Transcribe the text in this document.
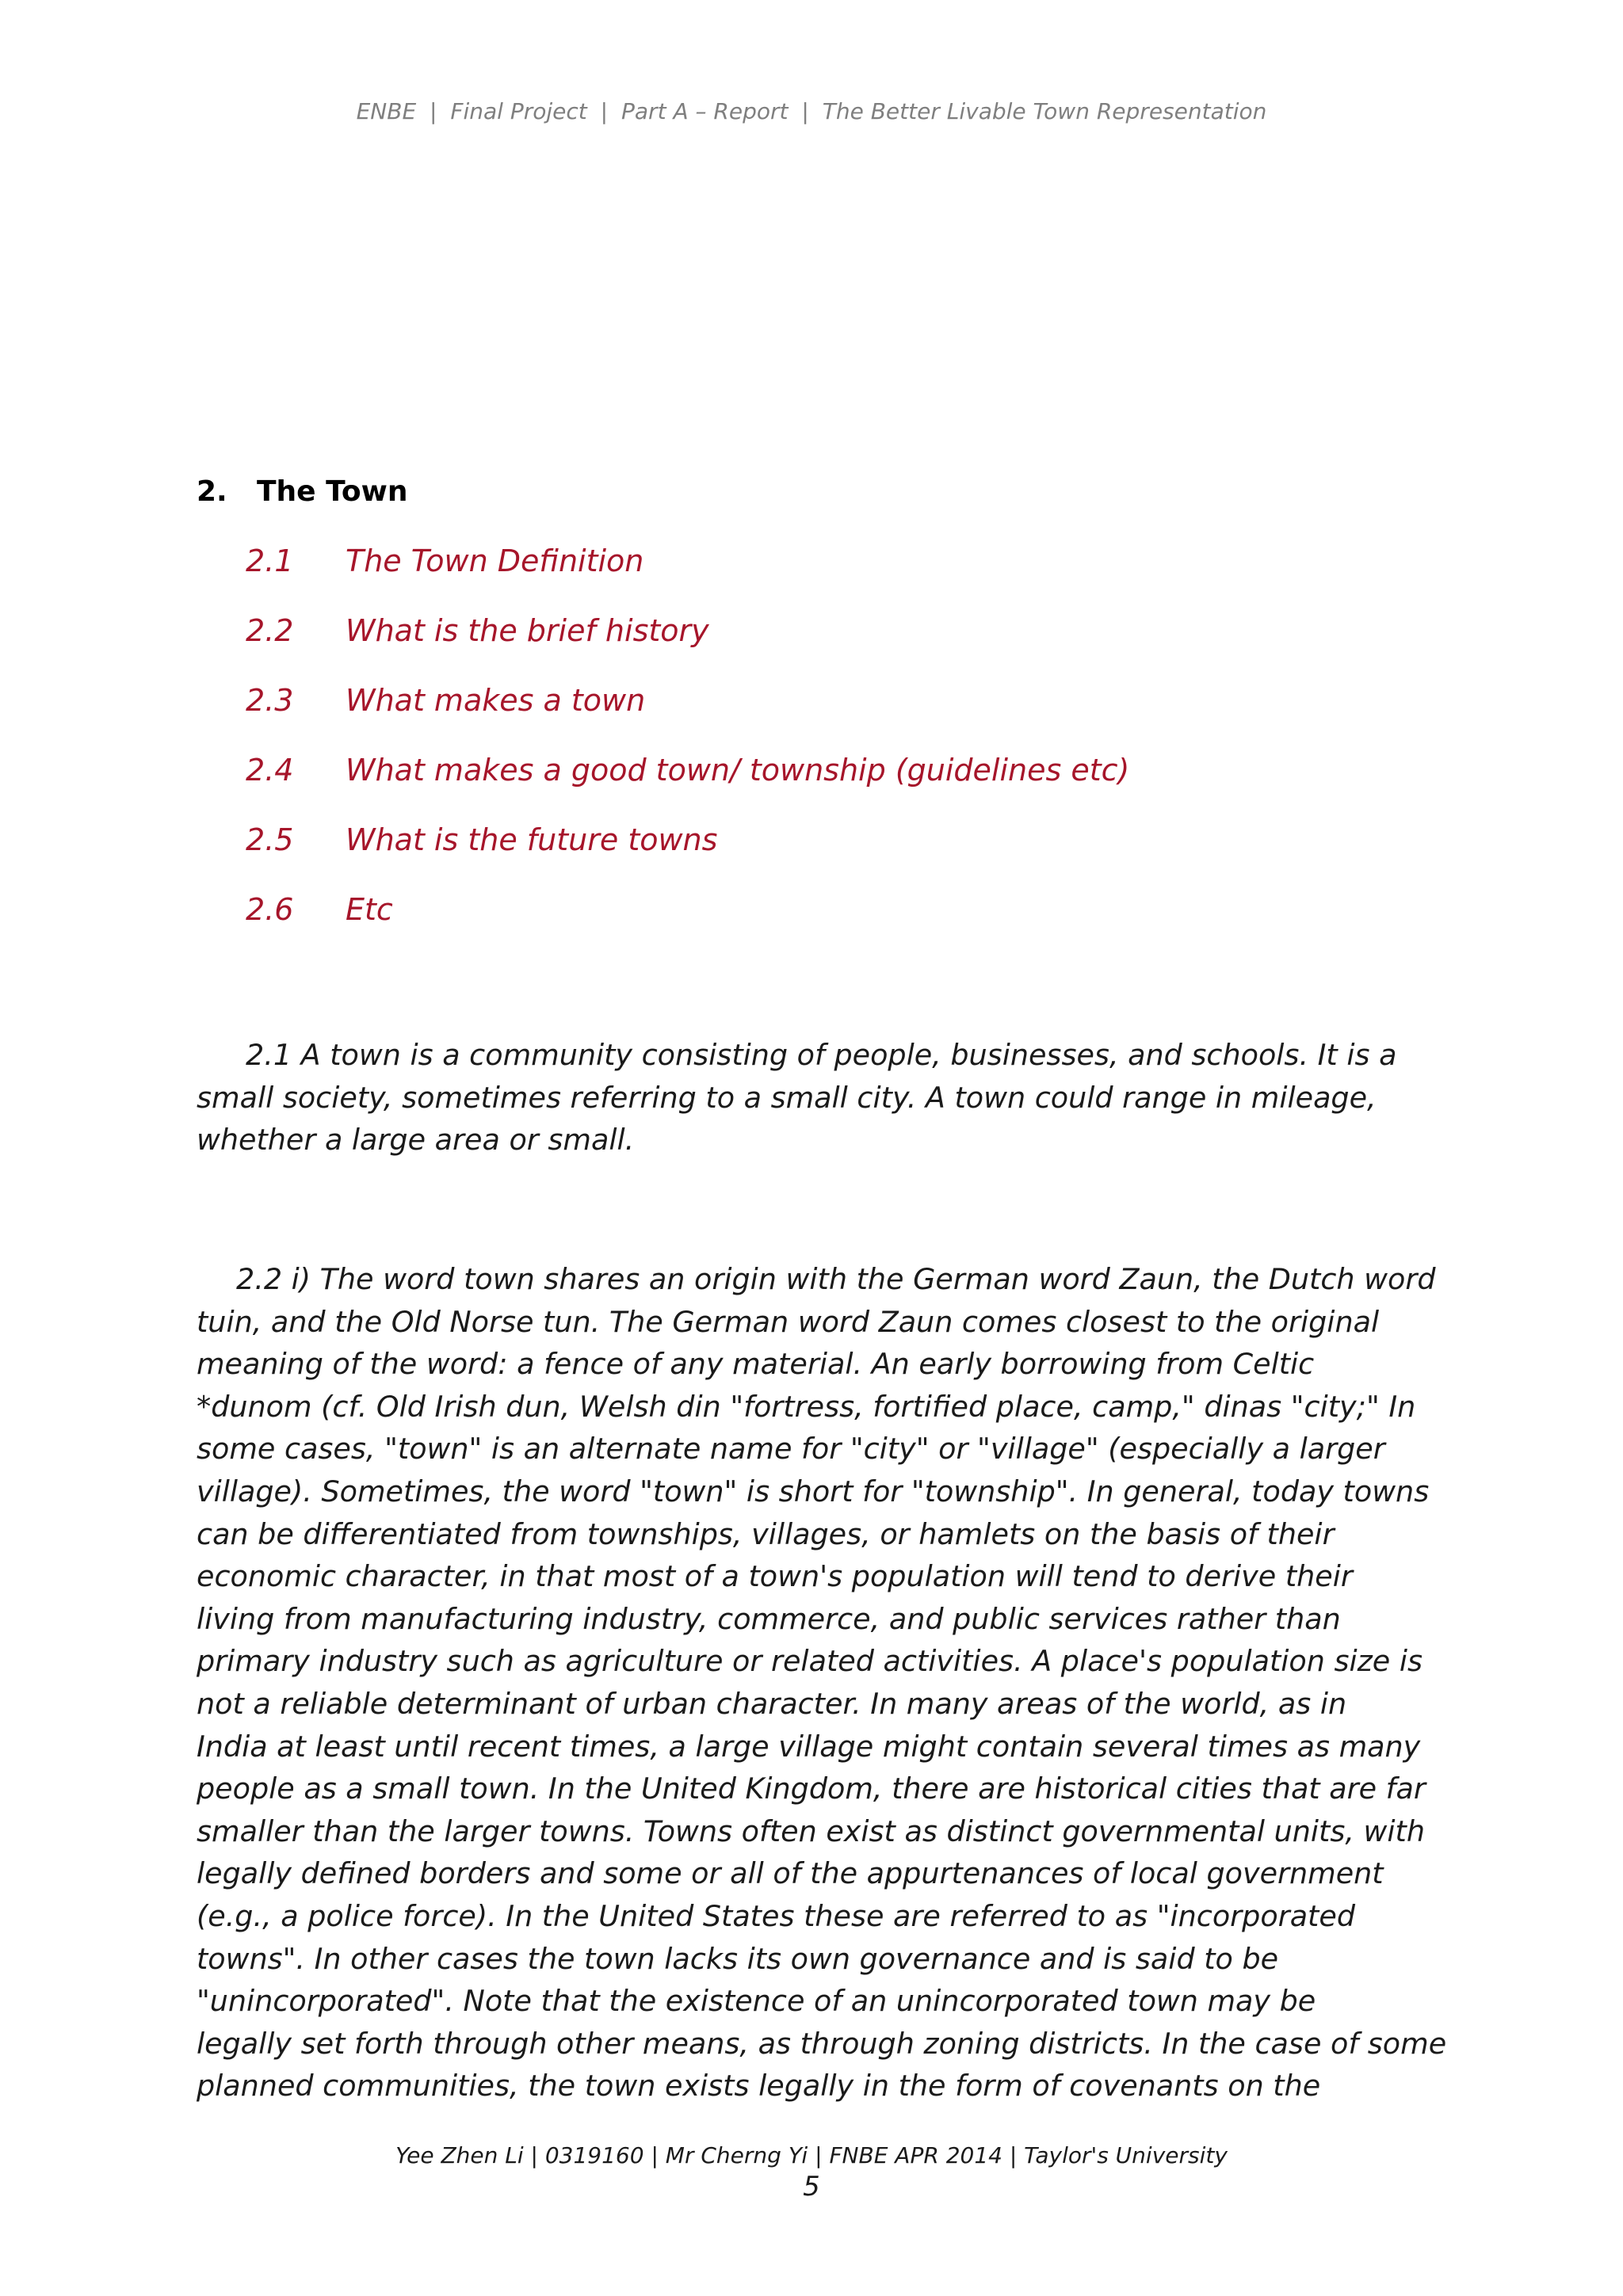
ENBE | Final Project | Part A – Report | The Better Livable Town Representation
2. The Town
2.1 The Town Definition
2.2 What is the brief history
2.3 What makes a town
2.4 What makes a good town/ township (guidelines etc)
2.5 What is the future towns
2.6 Etc
2.1 A town is a community consisting of people, businesses, and schools. It is a
small society, sometimes referring to a small city. A town could range in mileage,
whether a large area or small.
2.2 i) The word town shares an origin with the German word Zaun, the Dutch word
tuin, and the Old Norse tun. The German word Zaun comes closest to the original
meaning of the word: a fence of any material. An early borrowing from Celtic
*dunom (cf. Old Irish dun, Welsh din "fortress, fortified place, camp," dinas "city;" In
some cases, "town" is an alternate name for "city" or "village" (especially a larger
village). Sometimes, the word "town" is short for "township". In general, today towns
can be differentiated from townships, villages, or hamlets on the basis of their
economic character, in that most of a town's population will tend to derive their
living from manufacturing industry, commerce, and public services rather than
primary industry such as agriculture or related activities. A place's population size is
not a reliable determinant of urban character. In many areas of the world, as in
India at least until recent times, a large village might contain several times as many
people as a small town. In the United Kingdom, there are historical cities that are far
smaller than the larger towns. Towns often exist as distinct governmental units, with
legally defined borders and some or all of the appurtenances of local government
(e.g., a police force). In the United States these are referred to as "incorporated
towns". In other cases the town lacks its own governance and is said to be
"unincorporated". Note that the existence of an unincorporated town may be
legally set forth through other means, as through zoning districts. In the case of some
planned communities, the town exists legally in the form of covenants on the
Yee Zhen Li | 0319160 | Mr Cherng Yi | FNBE APR 2014 | Taylor's University
5
